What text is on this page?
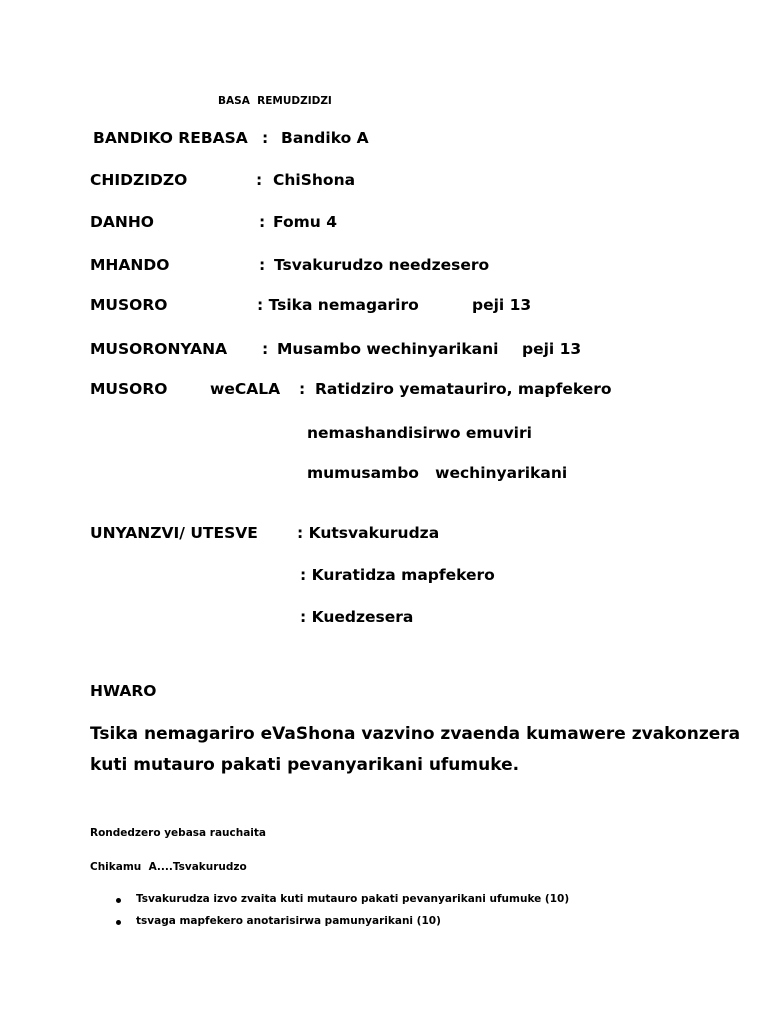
BASA  REMUDZIDZI
BANDIKO REBASA : Bandiko A
CHIDZIDZO	: ChiShona
DANHO	: Fomu 4
MHANDO	: Tsvakurudzo needzesero
MUSORO	: Tsika nemagariro	peji 13
MUSORONYANA : Musambo wechinyarikani peji 13
MUSORO	weCALA : Ratidziro yematauriro, mapfekero
nemashandisirwo emuviri
mumusambo   wechinyarikani
UNYANZVI/ UTESVE	: Kutsvakurudza
: Kuratidza mapfekero
: Kuedzesera
HWARO
Tsika nemagariro eVaShona vazvino zvaenda kumawere zvakonzera
kuti mutauro pakati pevanyarikani ufumuke.
Rondedzero yebasa rauchaita
Chikamu  A....Tsvakurudzo
Tsvakurudza izvo zvaita kuti mutauro pakati pevanyarikani ufumuke (10)
tsvaga mapfekero anotarisirwa pamunyarikani (10)
